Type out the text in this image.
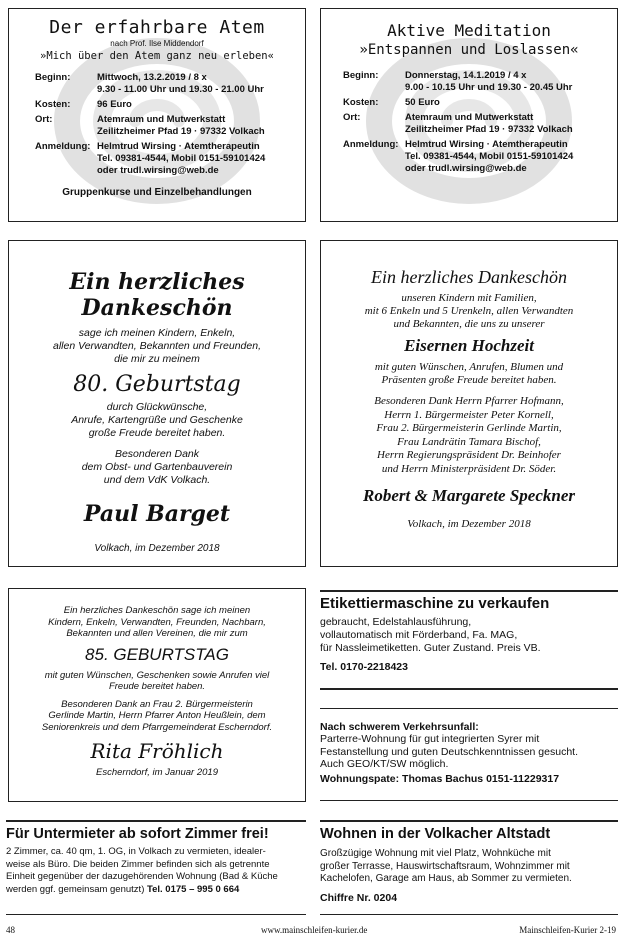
Der erfahrbare Atem
nach Prof. Ilse Middendorf
»Mich über den Atem ganz neu erleben«
Beginn:	Mittwoch, 13.2.2019 / 8 x
9.30 - 11.00 Uhr und 19.30 - 21.00 Uhr
Kosten:	96 Euro
Ort:	Atemraum und Mutwerkstatt
Zeilitzheimer Pfad 19 · 97332 Volkach
Anmeldung: Helmtrud Wirsing · Atemtherapeutin
Tel. 09381-4544, Mobil 0151-59101424
oder trudl.wirsing@web.de
Gruppenkurse und Einzelbehandlungen
Aktive Meditation
»Entspannen und Loslassen«
Beginn:	Donnerstag, 14.1.2019 / 4 x
9.00 - 10.15 Uhr und 19.30 - 20.45 Uhr
Kosten:	50 Euro
Ort:	Atemraum und Mutwerkstatt
Zeilitzheimer Pfad 19 · 97332 Volkach
Anmeldung: Helmtrud Wirsing · Atemtherapeutin
Tel. 09381-4544, Mobil 0151-59101424
oder trudl.wirsing@web.de
Ein herzliches Dankeschön
sage ich meinen Kindern, Enkeln,
allen Verwandten, Bekannten und Freunden,
die mir zu meinem
80. Geburtstag
durch Glückwünsche,
Anrufe, Kartengrüße und Geschenke
große Freude bereitet haben.
Besonderen Dank
dem Obst- und Gartenbauverein
und dem VdK Volkach.
Paul Barget
Volkach, im Dezember 2018
Ein herzliches Dankeschön
unseren Kindern mit Familien,
mit 6 Enkeln und 5 Urenkeln, allen Verwandten
und Bekannten, die uns zu unserer
Eisernen Hochzeit
mit guten Wünschen, Anrufen, Blumen und
Präsenten große Freude bereitet haben.
Besonderen Dank Herrn Pfarrer Hofmann,
Herrn 1. Bürgermeister Peter Kornell,
Frau 2. Bürgermeisterin Gerlinde Martin,
Frau Landrätin Tamara Bischof,
Herrn Regierungspräsident Dr. Beinhofer
und Herrn Ministerpräsident Dr. Söder.
Robert & Margarete Speckner
Volkach, im Dezember 2018
Ein herzliches Dankeschön sage ich meinen
Kindern, Enkeln, Verwandten, Freunden, Nachbarn,
Bekannten und allen Vereinen, die mir zum
85. GEBURTSTAG
mit guten Wünschen, Geschenken sowie Anrufen viel
Freude bereitet haben.
Besonderen Dank an Frau 2. Bürgermeisterin
Gerlinde Martin, Herrn Pfarrer Anton Heußlein, dem
Seniorenkreis und dem Pfarrgemeinderat Escherndorf.
Rita Fröhlich
Escherndorf, im Januar 2019
Etikettiermaschine zu verkaufen
gebraucht, Edelstahlausführung,
vollautomatisch mit Förderband, Fa. MAG,
für Nassleimetiketten. Guter Zustand. Preis VB.
Tel. 0170-2218423
Nach schwerem Verkehrsunfall:
Parterre-Wohnung für gut integrierten Syrer mit
Festanstellung und guten Deutschkenntnissen gesucht.
Auch GEO/KT/SW möglich.
Wohnungspate: Thomas Bachus 0151-11229317
Für Untermieter ab sofort Zimmer frei!
2 Zimmer, ca. 40 qm, 1. OG, in Volkach zu vermieten, idealer-
weise als Büro. Die beiden Zimmer befinden sich als getrennte
Einheit gegenüber der dazugehörenden Wohnung (Bad & Küche
werden ggf. gemeinsam genutzt) Tel. 0175 – 995 0 664
Wohnen in der Volkacher Altstadt
Großzügige Wohnung mit viel Platz, Wohnküche mit
großer Terrasse, Hauswirtschaftsraum, Wohnzimmer mit
Kachelofen, Garage am Haus, ab Sommer zu vermieten.
Chiffre Nr. 0204
48	www.mainschleifen-kurier.de	Mainschleifen-Kurier 2-19
